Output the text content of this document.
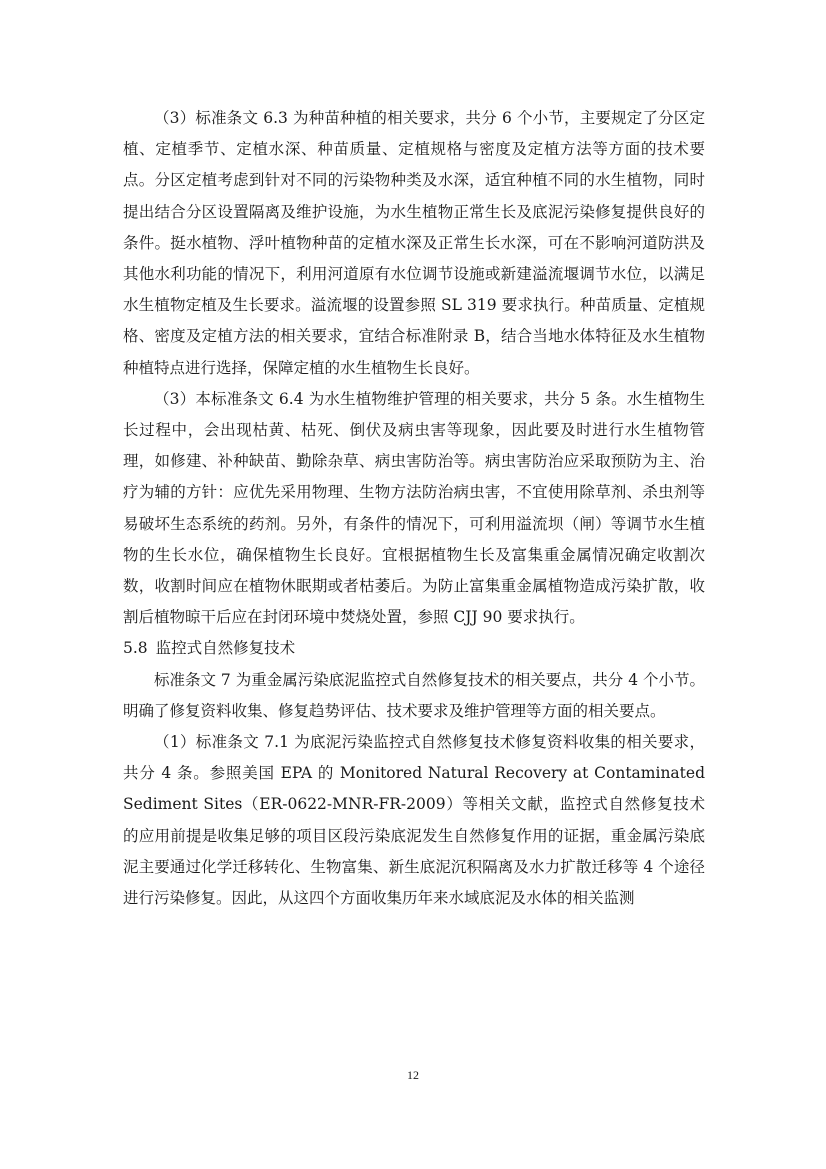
（3）标准条文 6.3 为种苗种植的相关要求，共分 6 个小节，主要规定了分区定植、定植季节、定植水深、种苗质量、定植规格与密度及定植方法等方面的技术要点。分区定植考虑到针对不同的污染物种类及水深，适宜种植不同的水生植物，同时提出结合分区设置隔离及维护设施，为水生植物正常生长及底泥污染修复提供良好的条件。挺水植物、浮叶植物种苗的定植水深及正常生长水深，可在不影响河道防洪及其他水利功能的情况下，利用河道原有水位调节设施或新建溢流堰调节水位，以满足水生植物定植及生长要求。溢流堰的设置参照 SL 319 要求执行。种苗质量、定植规格、密度及定植方法的相关要求，宜结合标准附录 B，结合当地水体特征及水生植物种植特点进行选择，保障定植的水生植物生长良好。

（3）本标准条文 6.4 为水生植物维护管理的相关要求，共分 5 条。水生植物生长过程中，会出现枯黄、枯死、倒伏及病虫害等现象，因此要及时进行水生植物管理，如修建、补种缺苗、勤除杂草、病虫害防治等。病虫害防治应采取预防为主、治疗为辅的方针：应优先采用物理、生物方法防治病虫害，不宜使用除草剂、杀虫剂等易破坏生态系统的药剂。另外，有条件的情况下，可利用溢流坝（闸）等调节水生植物的生长水位，确保植物生长良好。宜根据植物生长及富集重金属情况确定收割次数，收割时间应在植物休眠期或者枯萎后。为防止富集重金属植物造成污染扩散，收割后植物晾干后应在封闭环境中焚烧处置，参照 CJJ 90 要求执行。

5.8 监控式自然修复技术

标准条文 7 为重金属污染底泥监控式自然修复技术的相关要点，共分 4 个小节。明确了修复资料收集、修复趋势评估、技术要求及维护管理等方面的相关要点。

（1）标准条文 7.1 为底泥污染监控式自然修复技术修复资料收集的相关要求，共分 4 条。参照美国 EPA 的 Monitored Natural Recovery at Contaminated Sediment Sites（ER-0622-MNR-FR-2009）等相关文献，监控式自然修复技术的应用前提是收集足够的项目区段污染底泥发生自然修复作用的证据，重金属污染底泥主要通过化学迁移转化、生物富集、新生底泥沉积隔离及水力扩散迁移等 4 个途径进行污染修复。因此，从这四个方面收集历年来水域底泥及水体的相关监测

12
